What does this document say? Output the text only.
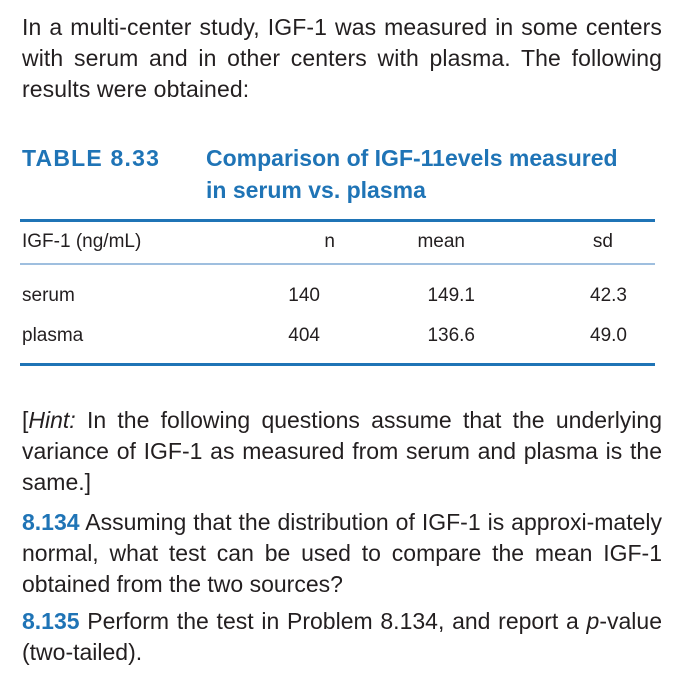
In a multi-center study, IGF-1 was measured in some centers with serum and in other centers with plasma. The following results were obtained:
TABLE 8.33 Comparison of IGF-11evels measured
in serum vs. plasma
IGF-1 (ng/mL)	n	mean	sd
serum	140	149.1	42.3
plasma	404	136.6	49.0
[Hint: In the following questions assume that the underlying variance of IGF-1 as measured from serum and plasma is the same.]
8.134 Assuming that the distribution of IGF-1 is approxi-mately normal, what test can be used to compare the mean IGF-1 obtained from the two sources?
8.135 Perform the test in Problem 8.134, and report a p-value (two-tailed).
